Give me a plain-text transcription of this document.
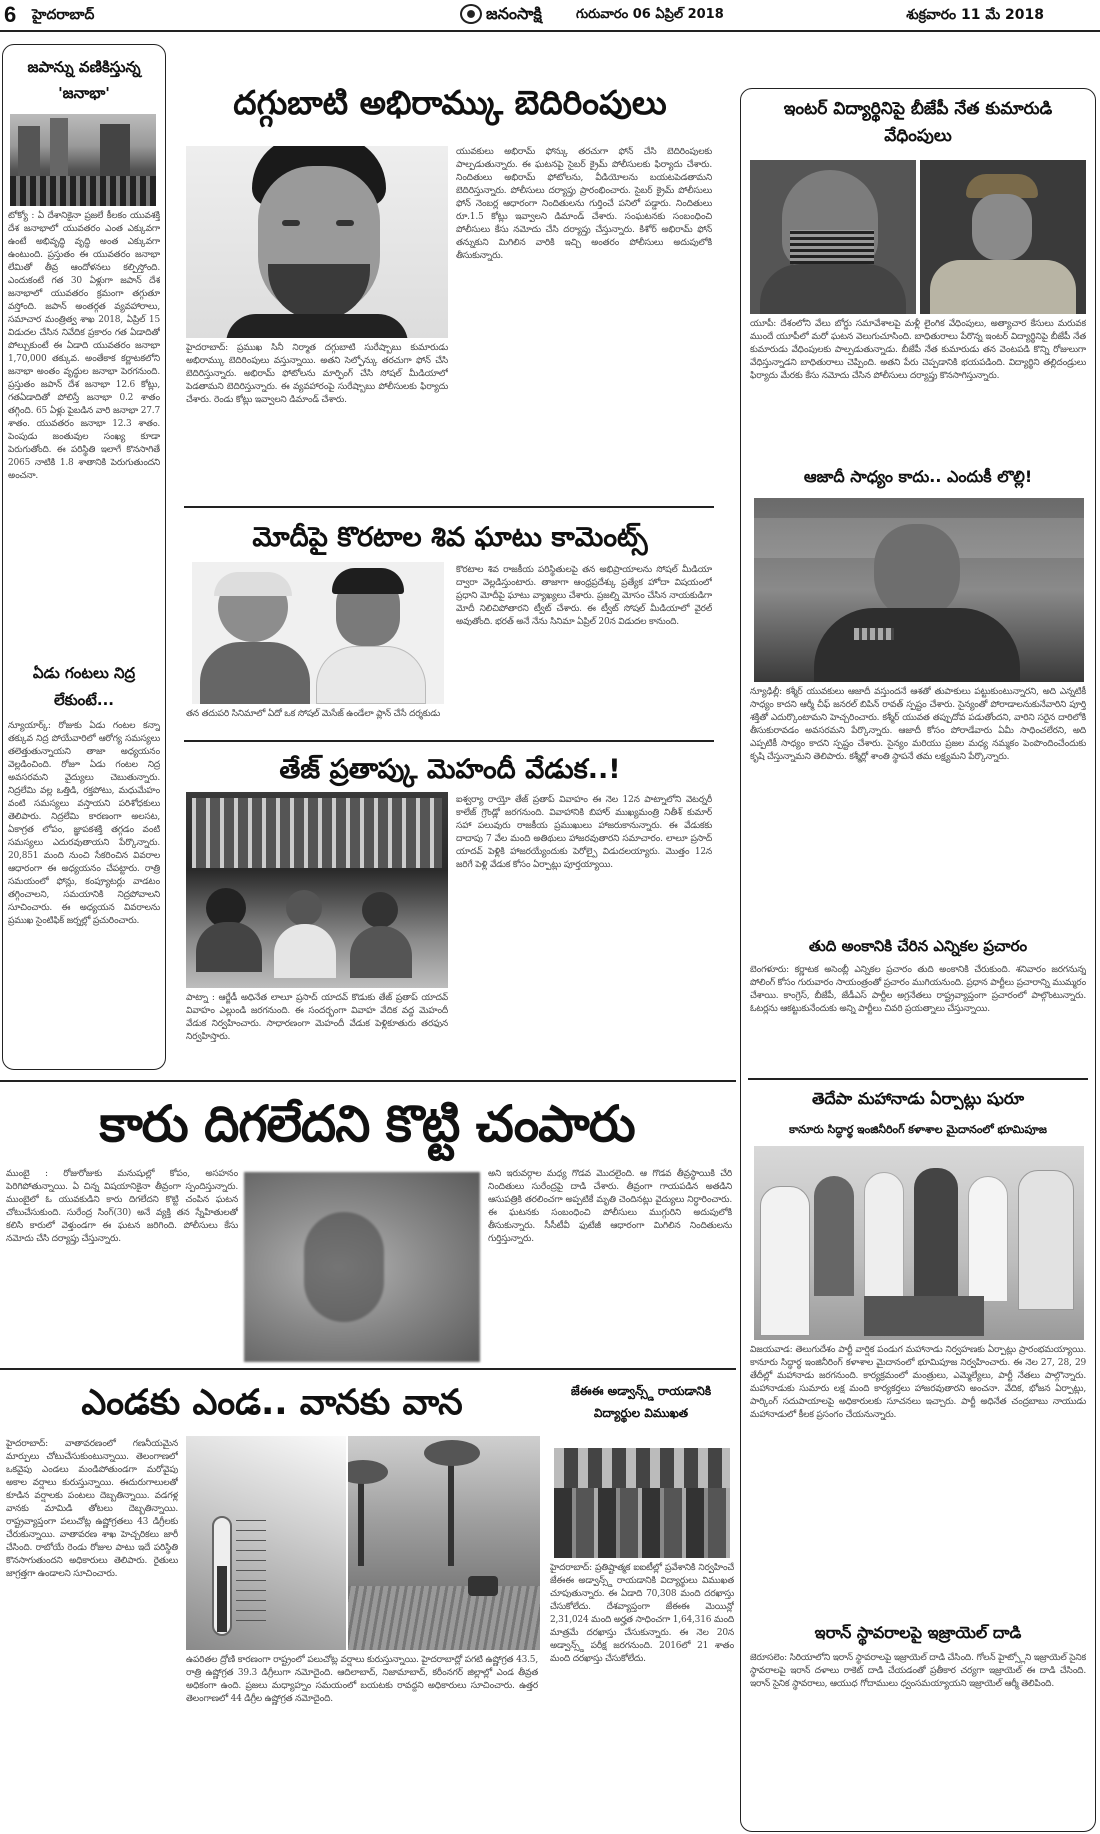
6 హైదరాబాద్	జనంసాక్షి	గురువారం 06 ఏప్రిల్ 2018	శుక్రవారం 11 మే 2018
జపాన్ను వణికిస్తున్న 'జనాభా'
టోక్యో : ఏ దేశానికైనా ప్రజలే కీలకం యువశక్తి దేశ జనాభాలో యువతరం ఎంత ఎక్కువగా ఉంటే అభివృద్ధి వృద్ధి అంత ఎక్కువగా ఉంటుంది. ప్రస్తుతం ఈ యువతరం జనాభా లేమితో తీవ్ర ఆందోళనలు కల్పిస్తోంది. ఎందుకంటే గత 30 ఏళ్లుగా జపాన్ దేశ జనాభాలో యువతరం క్రమంగా తగ్గుతూ వస్తోంది. జపాన్ అంతర్గత వ్యవహారాలు, సమాచార మంత్రిత్వ శాఖ 2018, ఏప్రిల్ 15 విడుదల చేసిన నివేదిక ప్రకారం గత ఏడాదితో పోల్చుకుంటే ఈ ఏడాది యువతరం జనాభా 1,70,000 తక్కువ. అంతేకాక కర్ణాటకలోని జనాభా అంతం వృద్ధుల జనాభా పెరగనుంది. ప్రస్తుతం జపాన్ దేశ జనాభా 12.6 కోట్లు, గతఏడాదితో పోలిస్తే జనాభా 0.2 శాతం తగ్గింది. 65 ఏళ్లు పైబడిన వారి జనాభా 27.7 శాతం. యువతరం జనాభా 12.3 శాతం. పెంపుడు జంతువుల సంఖ్య కూడా పెరుగుతోంది. ఈ పరిస్థితి ఇలాగే కొనసాగితే 2065 నాటికి 1.8 శాతానికి పెరుగుతుందని అంచనా.
ఏడు గంటలు నిద్ర లేకుంటే...
న్యూయార్క్: రోజుకు ఏడు గంటల కన్నా తక్కువ నిద్ర పోయేవారిలో ఆరోగ్య సమస్యలు తలెత్తుతున్నాయని తాజా అధ్యయనం వెల్లడించింది. రోజూ ఏడు గంటల నిద్ర అవసరమని వైద్యులు చెబుతున్నారు. నిద్రలేమి వల్ల ఒత్తిడి, రక్తపోటు, మధుమేహం వంటి సమస్యలు వస్తాయని పరిశోధకులు తెలిపారు. నిద్రలేమి కారణంగా అలసట, ఏకాగ్రత లోపం, జ్ఞాపకశక్తి తగ్గడం వంటి సమస్యలు ఎదురవుతాయని పేర్కొన్నారు. 20,851 మంది నుంచి సేకరించిన వివరాల ఆధారంగా ఈ అధ్యయనం చేపట్టారు. రాత్రి సమయంలో ఫోన్లు, కంప్యూటర్లు వాడటం తగ్గించాలని, సమయానికి నిద్రపోవాలని సూచించారు. ఈ అధ్యయన వివరాలను ప్రముఖ సైంటిఫిక్ జర్నల్లో ప్రచురించారు.
దగ్గుబాటి అభిరామ్కు బెదిరింపులు
హైదరాబాద్: ప్రముఖ సినీ నిర్మాత దగ్గుబాటి సురేష్బాబు కుమారుడు అభిరామ్కు బెదిరింపులు వస్తున్నాయి. అతని సెల్ఫోన్కు తరచుగా ఫోన్ చేసి బెదిరిస్తున్నారు. అభిరామ్ ఫోటోలను మార్ఫింగ్ చేసి సోషల్ మీడియాలో పెడతామని బెదిరిస్తున్నారు. ఈ వ్యవహారంపై సురేష్బాబు పోలీసులకు ఫిర్యాదు చేశారు. రెండు కోట్లు ఇవ్వాలని డిమాండ్ చేశారు.
యువకులు అభిరామ్ ఫోన్కు తరచుగా ఫోన్ చేసి బెదిరింపులకు పాల్పడుతున్నారు. ఈ ఘటనపై సైబర్ క్రైమ్ పోలీసులకు ఫిర్యాదు చేశారు. నిందితులు అభిరామ్ ఫోటోలను, వీడియోలను బయటపెడతామని బెదిరిస్తున్నారు. పోలీసులు దర్యాప్తు ప్రారంభించారు. సైబర్ క్రైమ్ పోలీసులు ఫోన్ నెంబర్ల ఆధారంగా నిందితులను గుర్తించే పనిలో పడ్డారు. నిందితులు రూ.1.5 కోట్లు ఇవ్వాలని డిమాండ్ చేశారు. సంఘటనకు సంబంధించి పోలీసులు కేసు నమోదు చేసి దర్యాప్తు చేస్తున్నారు. కిశోర్ అభిరామ్ ఫోన్ తన్నుకుని మిగిలిన వారికి ఇచ్చి అంతరం పోలీసులు అదుపులోకి తీసుకున్నారు.
మోదీపై కొరటాల శివ ఘాటు కామెంట్స్
తన తదుపరి సినిమాలో ఏదో ఒక సోషల్ మెసేజ్ ఉండేలా ప్లాన్ చేసే దర్శకుడు
కొరటాల శివ రాజకీయ పరిస్థితులపై తన అభిప్రాయాలను సోషల్ మీడియా ద్వారా వెల్లడిస్తుంటారు. తాజాగా ఆంధ్రప్రదేశ్కు ప్రత్యేక హోదా విషయంలో ప్రధాని మోదీపై ఘాటు వ్యాఖ్యలు చేశారు. ప్రజల్ని మోసం చేసిన నాయకుడిగా మోదీ నిలిచిపోతారని ట్వీట్ చేశారు. ఈ ట్వీట్ సోషల్ మీడియాలో వైరల్ అవుతోంది. భరత్ అనే నేను సినిమా ఏప్రిల్ 20న విడుదల కానుంది.
తేజ్ ప్రతాప్కు మెహందీ వేడుక..!
పాట్నా : ఆర్జేడీ అధినేత లాలూ ప్రసాద్ యాదవ్ కొడుకు తేజ్ ప్రతాప్ యాదవ్ వివాహం ఎల్లుండి జరగనుంది. ఈ సందర్భంగా వివాహ వేదిక వద్ద మెహందీ వేడుక నిర్వహించారు. సాధారణంగా మెహందీ వేడుక పెళ్లికూతురు తరఫున నిర్వహిస్తారు.
ఐశ్వర్యా రాయ్తో తేజ్ ప్రతాప్ వివాహం ఈ నెల 12న పాట్నాలోని వెటర్నరీ కాలేజ్ గ్రౌండ్లో జరగనుంది. వివాహానికి బిహార్ ముఖ్యమంత్రి నితీశ్ కుమార్ సహా పలువురు రాజకీయ ప్రముఖులు హాజరుకానున్నారు. ఈ వేడుకకు దాదాపు 7 వేల మంది అతిథులు హాజరవుతారని సమాచారం. లాలూ ప్రసాద్ యాదవ్ పెళ్లికి హాజరయ్యేందుకు పెరోల్పై విడుదలయ్యారు. మొత్తం 12న జరిగే పెళ్లి వేడుక కోసం ఏర్పాట్లు పూర్తయ్యాయి.
ఇంటర్ విద్యార్థినిపై బీజేపీ నేత కుమారుడి వేధింపులు
యూపీ: దేశంలోని వేలు బోర్డు సమావేశాలపై మళ్లీ లైంగిక వేధింపులు, అత్యాచార కేసులు మరువక ముందే యూపీలో మరో ఘటన వెలుగుచూసింది. బాధితురాలు పేరొన్న ఇంటర్ విద్యార్థినిపై బీజేపీ నేత కుమారుడు వేధింపులకు పాల్పడుతున్నాడు. బీజేపీ నేత కుమారుడు తన వెంటపడి కొన్ని రోజులుగా వేధిస్తున్నాడని బాధితురాలు చెప్పింది. అతని పేరు చెప్పడానికి భయపడింది. విద్యార్థిని తల్లిదండ్రులు ఫిర్యాదు మేరకు కేసు నమోదు చేసిన పోలీసులు దర్యాప్తు కొనసాగిస్తున్నారు.
ఆజాదీ సాధ్యం కాదు.. ఎందుకీ లొల్లి!
న్యూఢిల్లీ: కశ్మీర్ యువకులు ఆజాదీ వస్తుందనే ఆశతో తుపాకులు పట్టుకుంటున్నారని, అది ఎన్నటికీ సాధ్యం కాదని ఆర్మీ చీఫ్ జనరల్ బిపిన్ రావత్ స్పష్టం చేశారు. సైన్యంతో పోరాడాలనుకునేవారిని పూర్తి శక్తితో ఎదుర్కొంటామని హెచ్చరించారు. కశ్మీర్ యువత తప్పుదోవ పడుతోందని, వారిని సరైన దారిలోకి తీసుకురావడం అవసరమని పేర్కొన్నారు. ఆజాదీ కోసం పోరాడేవారు ఏమీ సాధించలేరని, అది ఎప్పటికీ సాధ్యం కాదని స్పష్టం చేశారు. సైన్యం మరియు ప్రజల మధ్య నమ్మకం పెంపొందించేందుకు కృషి చేస్తున్నామని తెలిపారు. కశ్మీర్లో శాంతి స్థాపనే తమ లక్ష్యమని పేర్కొన్నారు.
తుది అంకానికి చేరిన ఎన్నికల ప్రచారం
బెంగళూరు: కర్ణాటక అసెంబ్లీ ఎన్నికల ప్రచారం తుది అంకానికి చేరుకుంది. శనివారం జరగనున్న పోలింగ్ కోసం గురువారం సాయంత్రంతో ప్రచారం ముగియనుంది. ప్రధాన పార్టీలు ప్రచారాన్ని ముమ్మరం చేశాయి. కాంగ్రెస్, బీజేపీ, జేడీఎస్ పార్టీల అగ్రనేతలు రాష్ట్రవ్యాప్తంగా ప్రచారంలో పాల్గొంటున్నారు. ఓటర్లను ఆకట్టుకునేందుకు అన్ని పార్టీలు చివరి ప్రయత్నాలు చేస్తున్నాయి.
తెదేపా మహానాడు ఏర్పాట్లు షురూ
కానూరు సిద్ధార్థ ఇంజినీరింగ్ కళాశాల మైదానంలో భూమిపూజ
విజయవాడ: తెలుగుదేశం పార్టీ వార్షిక పండుగ మహానాడు నిర్వహణకు ఏర్పాట్లు ప్రారంభమయ్యాయి. కానూరు సిద్ధార్థ ఇంజినీరింగ్ కళాశాల మైదానంలో భూమిపూజ నిర్వహించారు. ఈ నెల 27, 28, 29 తేదీల్లో మహానాడు జరగనుంది. కార్యక్రమంలో మంత్రులు, ఎమ్మెల్యేలు, పార్టీ నేతలు పాల్గొన్నారు. మహానాడుకు సుమారు లక్ష మంది కార్యకర్తలు హాజరవుతారని అంచనా. వేదిక, భోజన ఏర్పాట్లు, పార్కింగ్ సదుపాయాలపై అధికారులకు సూచనలు ఇచ్చారు. పార్టీ అధినేత చంద్రబాబు నాయుడు మహానాడులో కీలక ప్రసంగం చేయనున్నారు.
ఇరాన్ స్థావరాలపై ఇజ్రాయెల్ దాడి
జెరూసలెం: సిరియాలోని ఇరాన్ స్థావరాలపై ఇజ్రాయెల్ దాడి చేసింది. గోలన్ హైట్స్లోని ఇజ్రాయెల్ సైనిక స్థావరాలపై ఇరాన్ దళాలు రాకెట్ దాడి చేయడంతో ప్రతీకార చర్యగా ఇజ్రాయెల్ ఈ దాడి చేసింది. ఇరాన్ సైనిక స్థావరాలు, ఆయుధ గోదాములు ధ్వంసమయ్యాయని ఇజ్రాయెల్ ఆర్మీ తెలిపింది.
కారు దిగలేదని కొట్టి చంపారు
ముంబై : రోజురోజుకు మనుషుల్లో కోపం, అసహనం పెరిగిపోతున్నాయి. ఏ చిన్న విషయానికైనా తీవ్రంగా స్పందిస్తున్నారు. ముంబైలో ఓ యువకుడిని కారు దిగలేదని కొట్టి చంపిన ఘటన చోటుచేసుకుంది. సురేంద్ర సింగ్(30) అనే వ్యక్తి తన స్నేహితులతో కలిసి కారులో వెళ్తుండగా ఈ ఘటన జరిగింది. పోలీసులు కేసు నమోదు చేసి దర్యాప్తు చేస్తున్నారు.
అని ఇరువర్గాల మధ్య గొడవ మొదలైంది. ఆ గొడవ తీవ్రస్థాయికి చేరి నిందితులు సురేంద్రపై దాడి చేశారు. తీవ్రంగా గాయపడిన అతడిని ఆసుపత్రికి తరలించగా అప్పటికే మృతి చెందినట్లు వైద్యులు నిర్ధారించారు. ఈ ఘటనకు సంబంధించి పోలీసులు ముగ్గురిని అదుపులోకి తీసుకున్నారు. సీసీటీవీ ఫుటేజీ ఆధారంగా మిగిలిన నిందితులను గుర్తిస్తున్నారు.
ఎండకు ఎండ.. వానకు వాన
హైదరాబాద్: వాతావరణంలో గణనీయమైన మార్పులు చోటుచేసుకుంటున్నాయి. తెలంగాణలో ఒకవైపు ఎండలు మండిపోతుండగా మరోవైపు అకాల వర్షాలు కురుస్తున్నాయి. ఈదురుగాలులతో కూడిన వర్షాలకు పంటలు దెబ్బతిన్నాయి. వడగళ్ల వానకు మామిడి తోటలు దెబ్బతిన్నాయి. రాష్ట్రవ్యాప్తంగా పలుచోట్ల ఉష్ణోగ్రతలు 43 డిగ్రీలకు చేరుకున్నాయి. వాతావరణ శాఖ హెచ్చరికలు జారీ చేసింది. రాబోయే రెండు రోజుల పాటు ఇదే పరిస్థితి కొనసాగుతుందని అధికారులు తెలిపారు. రైతులు జాగ్రత్తగా ఉండాలని సూచించారు.
ఉపరితల ద్రోణి కారణంగా రాష్ట్రంలో పలుచోట్ల వర్షాలు కురుస్తున్నాయి. హైదరాబాద్లో పగటి ఉష్ణోగ్రత 43.5, రాత్రి ఉష్ణోగ్రత 39.3 డిగ్రీలుగా నమోదైంది. ఆదిలాబాద్, నిజామాబాద్, కరీంనగర్ జిల్లాల్లో ఎండ తీవ్రత అధికంగా ఉంది. ప్రజలు మధ్యాహ్నం సమయంలో బయటకు రావద్దని అధికారులు సూచించారు. ఉత్తర తెలంగాణలో 44 డిగ్రీల ఉష్ణోగ్రత నమోదైంది.
జేఈఈ అడ్వాన్స్డ్ రాయడానికి విద్యార్థుల విముఖత
హైదరాబాద్: ప్రతిష్టాత్మక ఐఐటీల్లో ప్రవేశానికి నిర్వహించే జేఈఈ అడ్వాన్స్డ్ రాయడానికి విద్యార్థులు విముఖత చూపుతున్నారు. ఈ ఏడాది 70,308 మంది దరఖాస్తు చేసుకోలేదు. దేశవ్యాప్తంగా జేఈఈ మెయిన్లో 2,31,024 మంది అర్హత సాధించగా 1,64,316 మంది మాత్రమే దరఖాస్తు చేసుకున్నారు. ఈ నెల 20న అడ్వాన్స్డ్ పరీక్ష జరగనుంది. 2016లో 21 శాతం మంది దరఖాస్తు చేసుకోలేదు.
